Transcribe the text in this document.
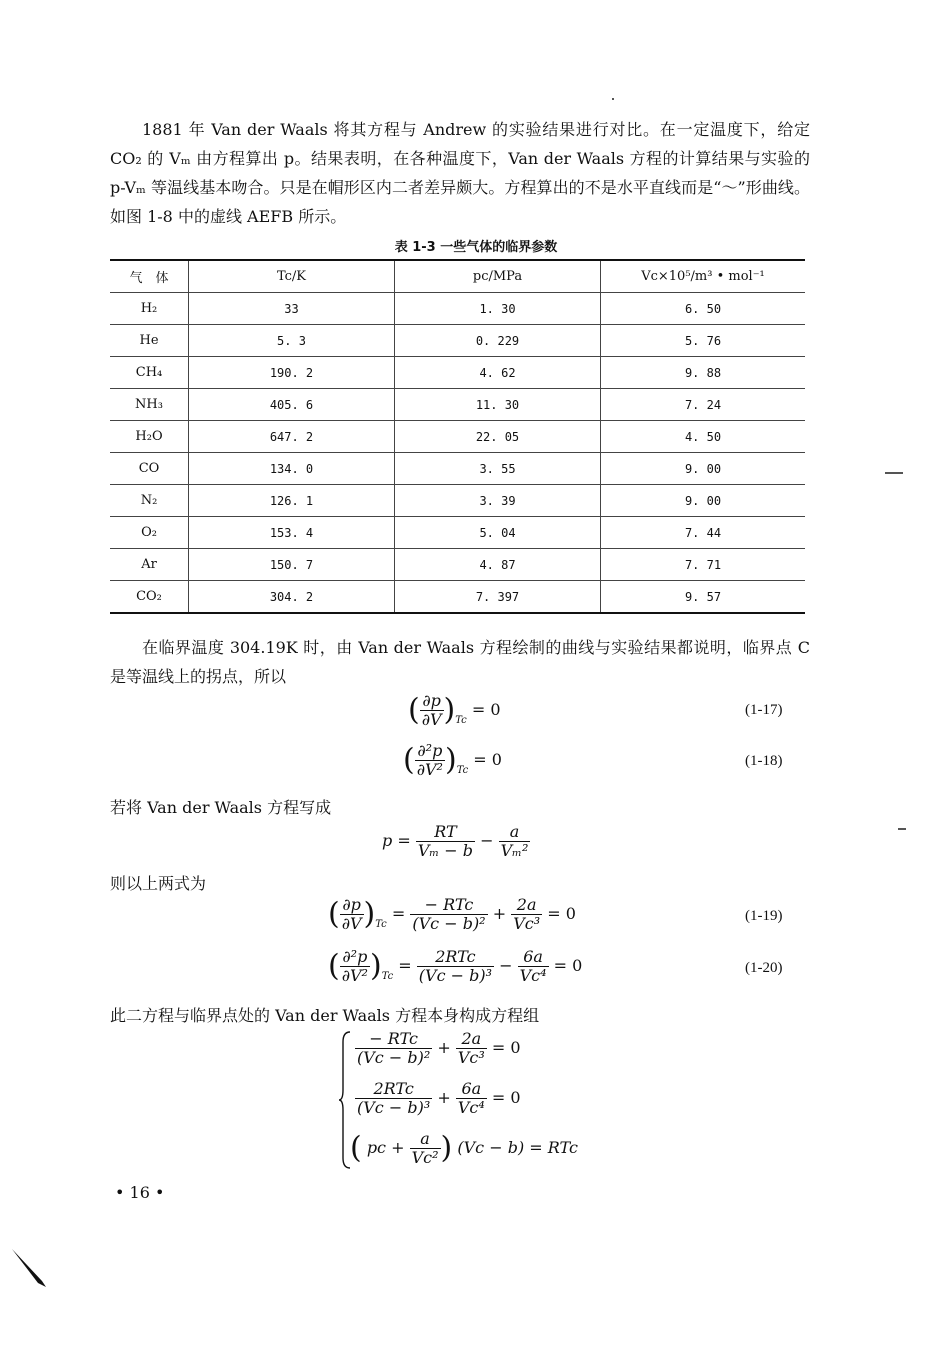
1881 年 Van der Waals 将其方程与 Andrew 的实验结果进行对比。在一定温度下，给定 CO₂ 的 Vₘ 由方程算出 p。结果表明，在各种温度下，Van der Waals 方程的计算结果与实验的 p-Vₘ 等温线基本吻合。只是在帽形区内二者差异颇大。方程算出的不是水平直线而是“～”形曲线。如图 1-8 中的虚线 AEFB 所示。

表 1-3 一些气体的临界参数
气　体	Tc/K	pc/MPa	Vc×10⁵/m³ • mol⁻¹
H₂	33	1. 30	6. 50
He	5. 3	0. 229	5. 76
CH₄	190. 2	4. 62	9. 88
NH₃	405. 6	11. 30	7. 24
H₂O	647. 2	22. 05	4. 50
CO	134. 0	3. 55	9. 00
N₂	126. 1	3. 39	9. 00
O₂	153. 4	5. 04	7. 44
Ar	150. 7	4. 87	7. 71
CO₂	304. 2	7. 397	9. 57

在临界温度 304.19K 时，由 Van der Waals 方程绘制的曲线与实验结果都说明，临界点 C 是等温线上的拐点，所以

( $\frac{\partial p}{\partial V} )_{Tc} = 0$	(1-17)
( $\frac{\text{∂²p}}{\text{∂V²}} )_{Tc} = 0$	(1-18)
若将 Van der Waals 方程写成
$p = \frac{RT}{\text{Vₘ − b}} - \frac{a}{\text{Vₘ²}}$
则以上两式为
( $\frac{\partial p}{\partial V} )_{Tc} = \frac{\text{− RTc}}{\text{(Vc − b)²}} + \frac{2a}{\text{Vc³}} = 0$	(1-19)
( $\frac{\text{∂²p}}{\text{∂V²}} )_{Tc} = \frac{\text{2RTc}}{\text{(Vc − b)³}} - \frac{6a}{\text{Vc⁴}} = 0$	(1-20)
此二方程与临界点处的 Van der Waals 方程本身构成方程组
$\frac{\text{− RTc}}{\text{(Vc − b)²}} + \frac{2a}{\text{Vc³}} = 0$
$\frac{\text{2RTc}}{\text{(Vc − b)³}} + \frac{6a}{\text{Vc⁴}} = 0$
( pc + $\frac{a}{\text{Vc²}}$ ) (Vc − b) = RTc
• 16 •
